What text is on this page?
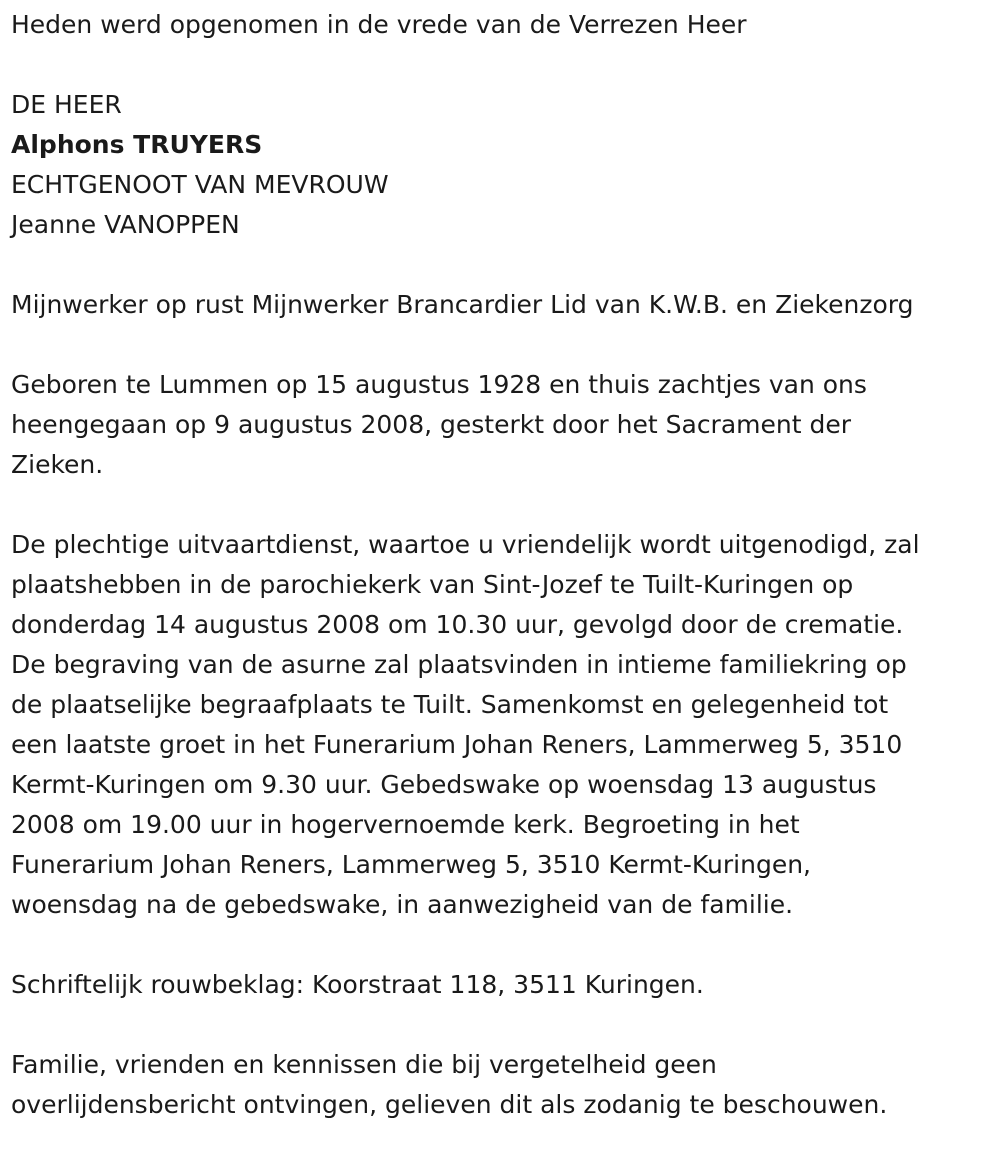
Heden werd opgenomen in de vrede van de Verrezen Heer
DE HEER
Alphons TRUYERS
ECHTGENOOT VAN MEVROUW
Jeanne VANOPPEN
Mijnwerker op rust Mijnwerker Brancardier Lid van K.W.B. en Ziekenzorg
Geboren te Lummen op 15 augustus 1928 en thuis zachtjes van ons
heengegaan op 9 augustus 2008, gesterkt door het Sacrament der
Zieken.
De plechtige uitvaartdienst, waartoe u vriendelijk wordt uitgenodigd, zal
plaatshebben in de parochiekerk van Sint-Jozef te Tuilt-Kuringen op
donderdag 14 augustus 2008 om 10.30 uur, gevolgd door de crematie.
De begraving van de asurne zal plaatsvinden in intieme familiekring op
de plaatselijke begraafplaats te Tuilt. Samenkomst en gelegenheid tot
een laatste groet in het Funerarium Johan Reners, Lammerweg 5, 3510
Kermt-Kuringen om 9.30 uur. Gebedswake op woensdag 13 augustus
2008 om 19.00 uur in hogervernoemde kerk. Begroeting in het
Funerarium Johan Reners, Lammerweg 5, 3510 Kermt-Kuringen,
woensdag na de gebedswake, in aanwezigheid van de familie.
Schriftelijk rouwbeklag: Koorstraat 118, 3511 Kuringen.
Familie, vrienden en kennissen die bij vergetelheid geen
overlijdensbericht ontvingen, gelieven dit als zodanig te beschouwen.
